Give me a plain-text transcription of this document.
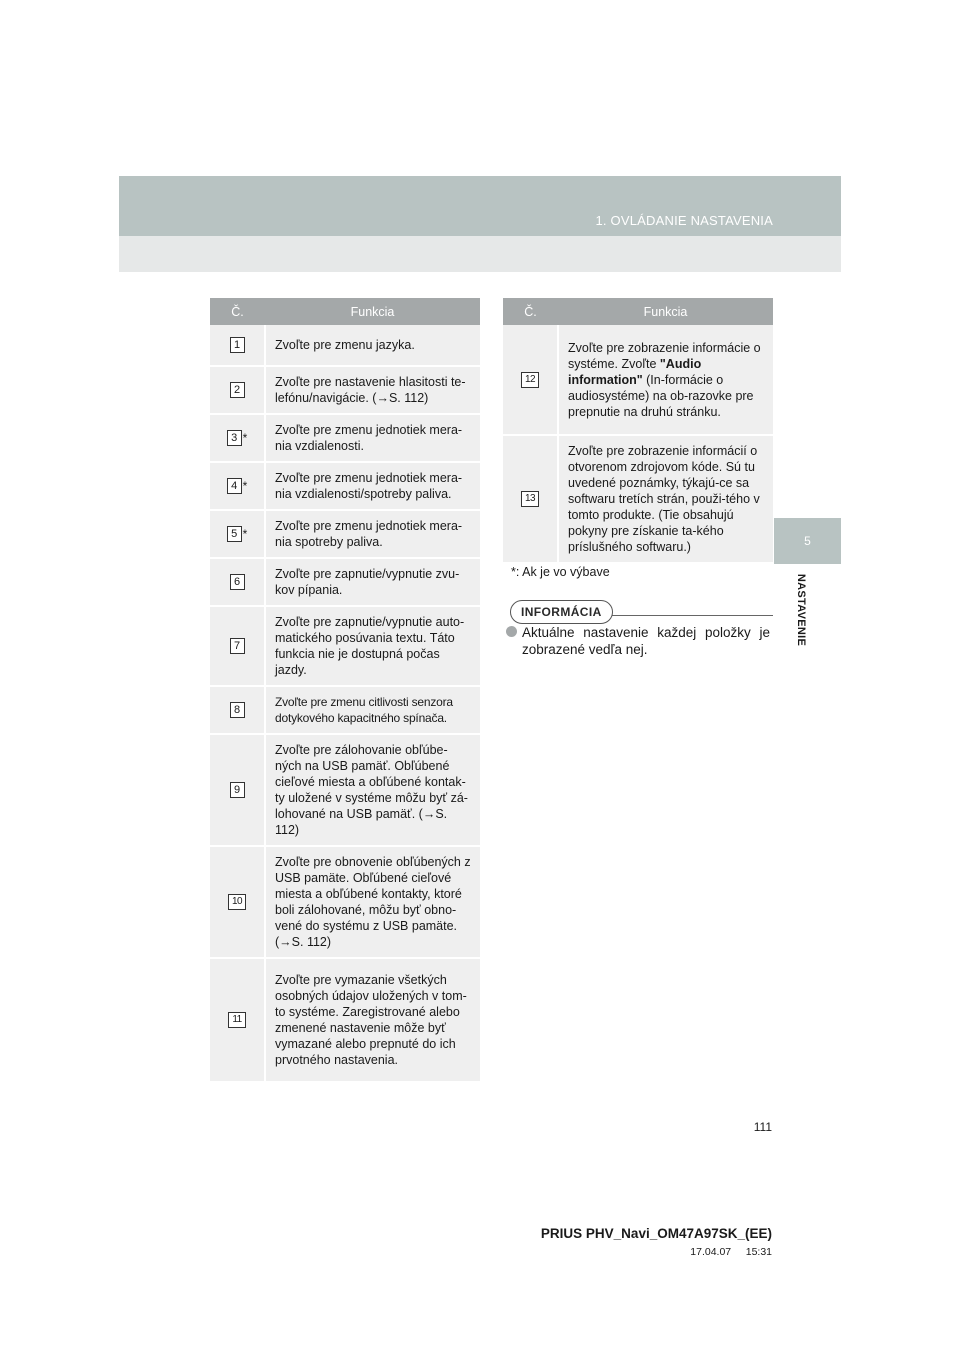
1. OVLÁDANIE NASTAVENIA
5
NASTAVENIE
Č.	Funkcia
1	Zvoľte pre zmenu jazyka.
2	Zvoľte pre nastavenie hlasitosti te-lefónu/navigácie. (→S. 112)
3 *	Zvoľte pre zmenu jednotiek mera-nia vzdialenosti.
4 *	Zvoľte pre zmenu jednotiek mera-nia vzdialenosti/spotreby paliva.
5 *	Zvoľte pre zmenu jednotiek mera-nia spotreby paliva.
6	Zvoľte pre zapnutie/vypnutie zvu-kov pípania.
7	Zvoľte pre zapnutie/vypnutie auto-matického posúvania textu. Táto funkcia nie je dostupná počas jazdy.
8	Zvoľte pre zmenu citlivosti senzora dotykového kapacitného spínača.
9	Zvoľte pre zálohovanie obľúbe-ných na USB pamäť. Obľúbené cieľové miesta a obľúbené kontak-ty uložené v systéme môžu byť zá-lohované na USB pamäť. (→S. 112)
10	Zvoľte pre obnovenie obľúbených z USB pamäte. Obľúbené cieľové miesta a obľúbené kontakty, ktoré boli zálohované, môžu byť obno-vené do systému z USB pamäte. (→S. 112)
11	Zvoľte pre vymazanie všetkých osobných údajov uložených v tom-to systéme. Zaregistrované alebo zmenené nastavenie môže byť vymazané alebo prepnuté do ich prvotného nastavenia.
Č.	Funkcia
12	Zvoľte pre zobrazenie informácie o systéme. Zvoľte "Audio information" (In-formácie o audiosystéme) na ob-razovke pre prepnutie na druhú stránku.
13	Zvoľte pre zobrazenie informácií o otvorenom zdrojovom kóde. Sú tu uvedené poznámky, týkajú-ce sa softwaru tretích strán, použi-tého v tomto produkte. (Tie obsahujú pokyny pre získanie ta-kého príslušného softwaru.)
*: Ak je vo výbave
INFORMÁCIA
Aktuálne nastavenie každej položky je zobrazené vedľa nej.
111
PRIUS PHV_Navi_OM47A97SK_(EE)
17.04.07     15:31
